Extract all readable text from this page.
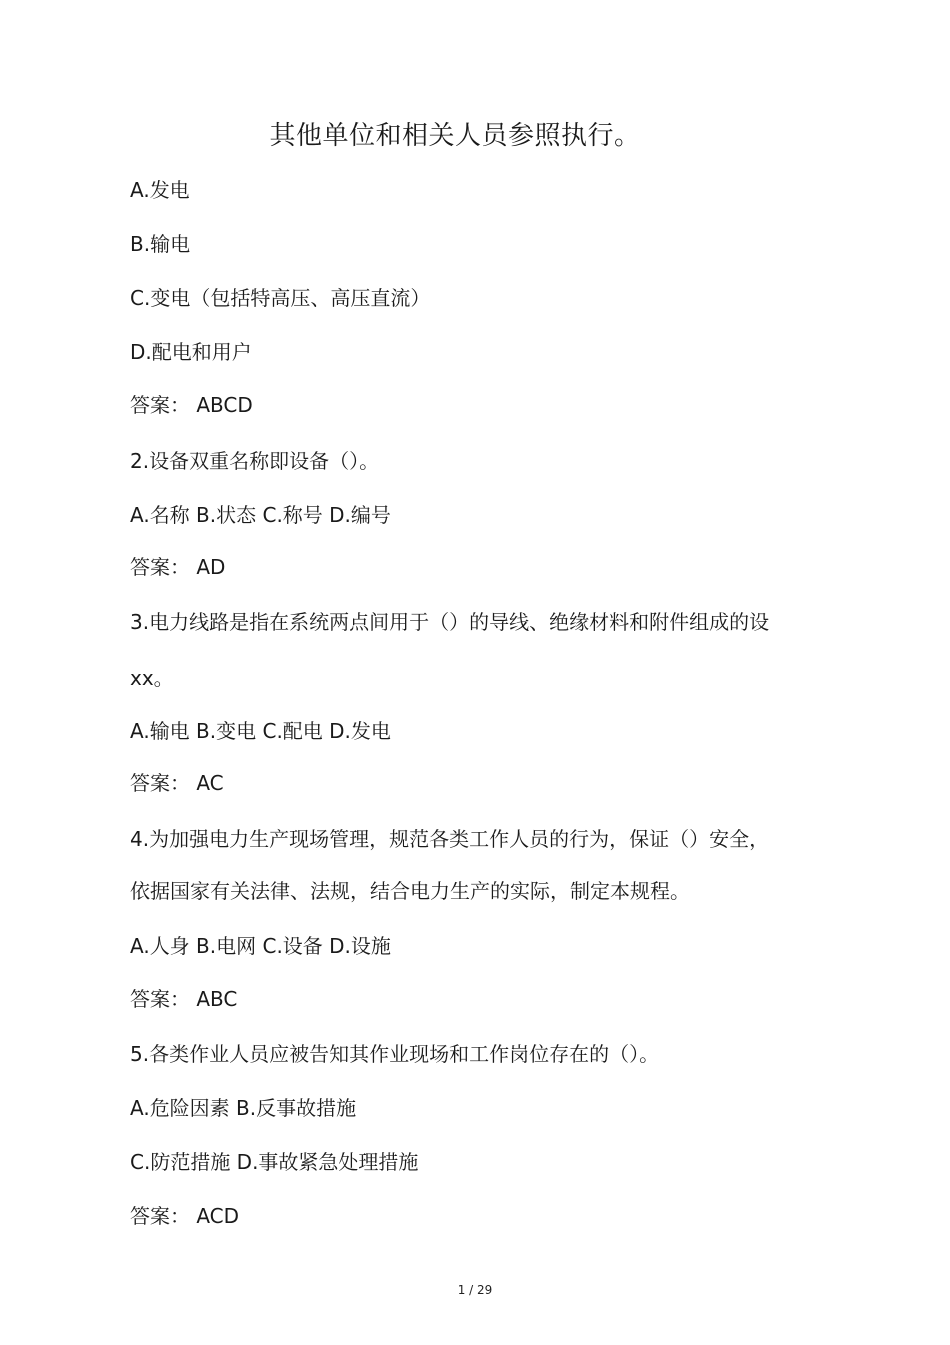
其他单位和相关人员参照执行。
A.发电
B.输电
C.变电（包括特高压、高压直流）
D.配电和用户
答案： ABCD
2.设备双重名称即设备（）。
A.名称 B.状态 C.称号 D.编号
答案： AD
3.电力线路是指在系统两点间用于（）的导线、绝缘材料和附件组成的设
xx。
A.输电 B.变电 C.配电 D.发电
答案： AC
4.为加强电力生产现场管理，规范各类工作人员的行为，保证（）安全，
依据国家有关法律、法规，结合电力生产的实际，制定本规程。
A.人身 B.电网 C.设备 D.设施
答案： ABC
5.各类作业人员应被告知其作业现场和工作岗位存在的（）。
A.危险因素 B.反事故措施
C.防范措施 D.事故紧急处理措施
答案： ACD
1 / 29
